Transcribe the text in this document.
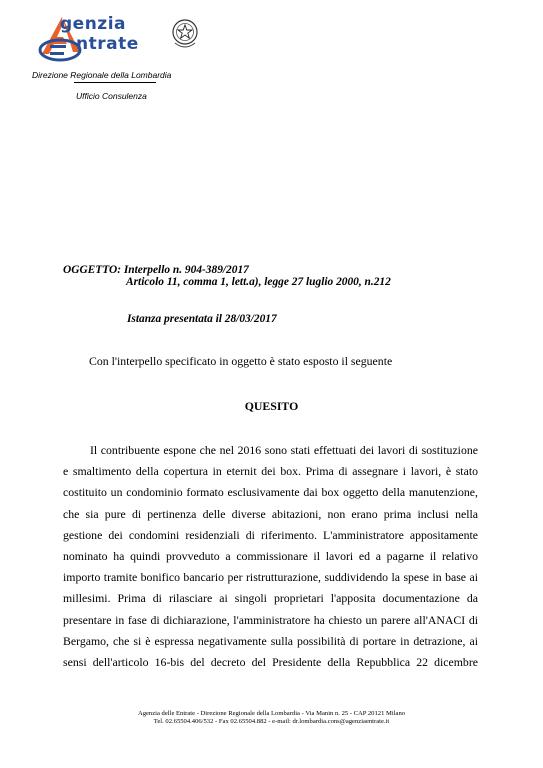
genzia
ntrate
Direzione Regionale della Lombardia
Ufficio Consulenza
OGGETTO: Interpello n. 904-389/2017
Articolo 11, comma 1, lett.a), legge 27 luglio 2000, n.212
Istanza presentata il 28/03/2017
Con l'interpello specificato in oggetto è stato esposto il seguente
QUESITO
Il contribuente espone che nel 2016 sono stati effettuati dei lavori di sostituzione
e smaltimento della copertura in eternit dei box. Prima di assegnare i lavori, è stato
costituito un condominio formato esclusivamente dai box oggetto della manutenzione,
che sia pure di pertinenza delle diverse abitazioni, non erano prima inclusi nella
gestione dei condomini residenziali di riferimento. L'amministratore appositamente
nominato ha quindi provveduto a commissionare il lavori ed a pagarne il relativo
importo tramite bonifico bancario per ristrutturazione, suddividendo la spese in base ai
millesimi. Prima di rilasciare ai singoli proprietari l'apposita documentazione da
presentare in fase di dichiarazione, l'amministratore ha chiesto un parere all'ANACI di
Bergamo, che si è espressa negativamente sulla possibilità di portare in detrazione, ai
sensi dell'articolo 16-bis del decreto del Presidente della Repubblica 22 dicembre
Agenzia delle Entrate - Direzione Regionale della Lombardia - Via Manin n. 25 - CAP 20121 Milano
Tel. 02.65504.406/532 - Fax 02.65504.882 - e-mail: dr.lombardia.cons@agenziaentrate.it
